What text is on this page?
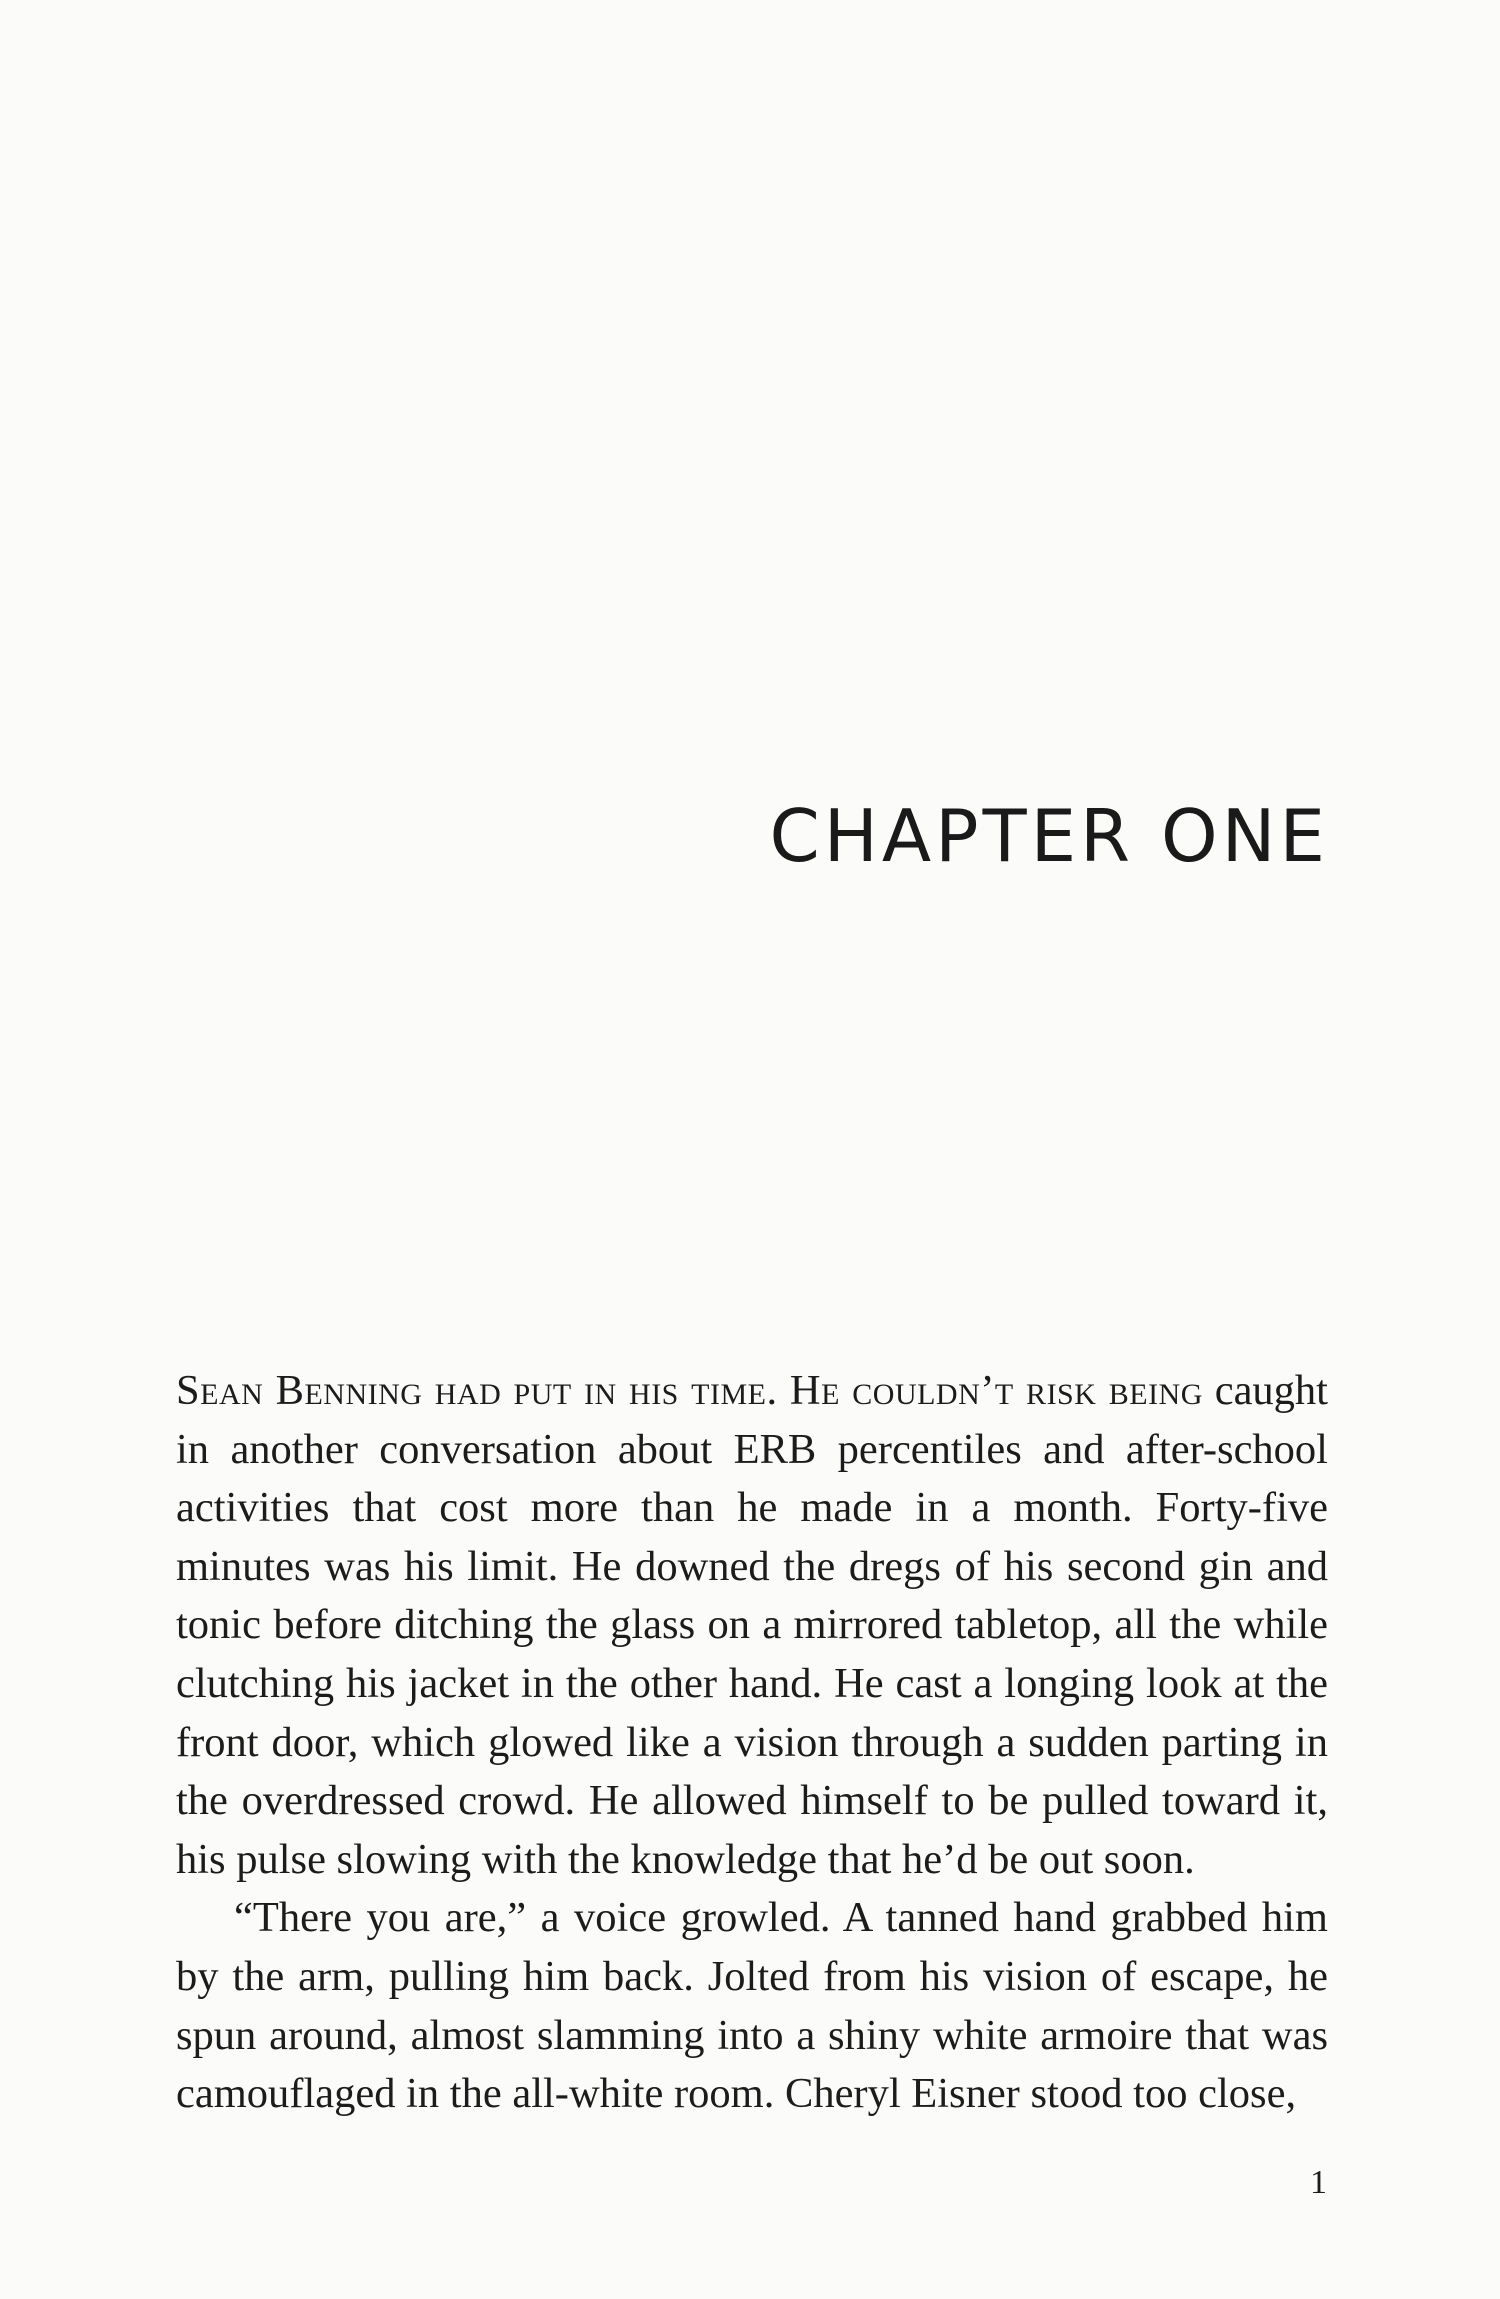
CHAPTER ONE

Sean Benning had put in his time. He couldn’t risk being caught in another conversation about ERB percentiles and after-school activities that cost more than he made in a month. Forty-five minutes was his limit. He downed the dregs of his second gin and tonic before ditching the glass on a mirrored tabletop, all the while clutching his jacket in the other hand. He cast a longing look at the front door, which glowed like a vision through a sudden parting in the overdressed crowd. He allowed himself to be pulled toward it, his pulse slowing with the knowledge that he’d be out soon.

“There you are,” a voice growled. A tanned hand grabbed him by the arm, pulling him back. Jolted from his vision of escape, he spun around, almost slamming into a shiny white armoire that was camouflaged in the all-white room. Cheryl Eisner stood too close,

1
